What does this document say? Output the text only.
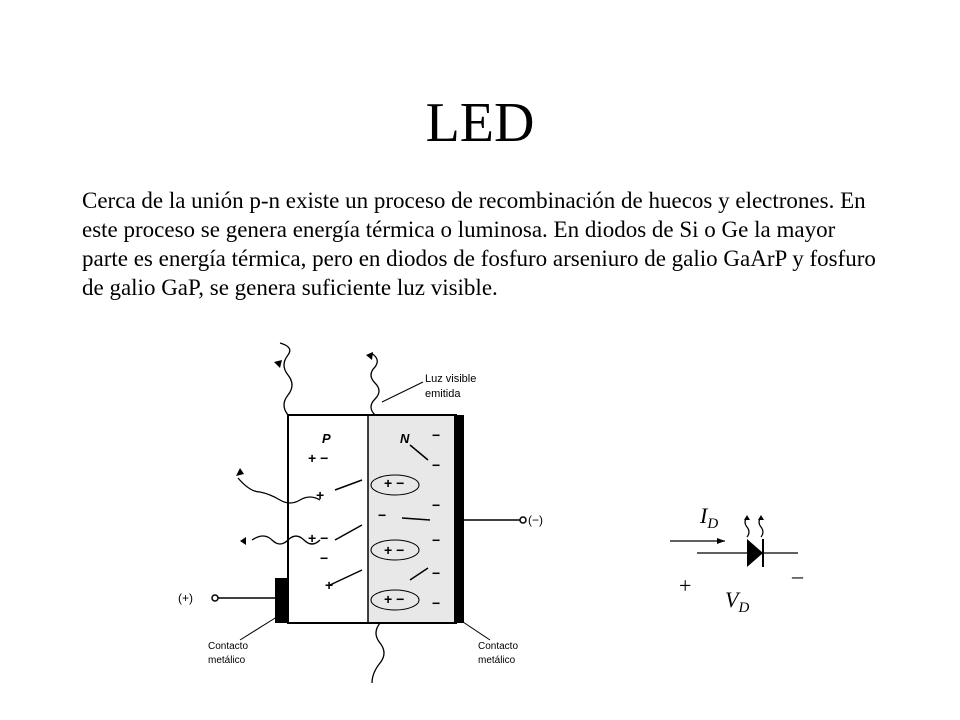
LED
Cerca de la unión p-n existe un proceso de recombinación de huecos y electrones. En este proceso se genera energía térmica o luminosa. En diodos de Si o Ge la mayor parte es energía térmica, pero en diodos de fosfuro arseniuro de galio GaArP y fosfuro de galio GaP, se genera suficiente luz visible.
P	N
Luz visible
emitida
(−)
(+)
Contacto
metálico
Contacto
metálico
+ −
+
+ −
−
+
+ −
−
+ −
+ −
−
−
−
−
−
−
$I_D$
+	–
$V_D$
